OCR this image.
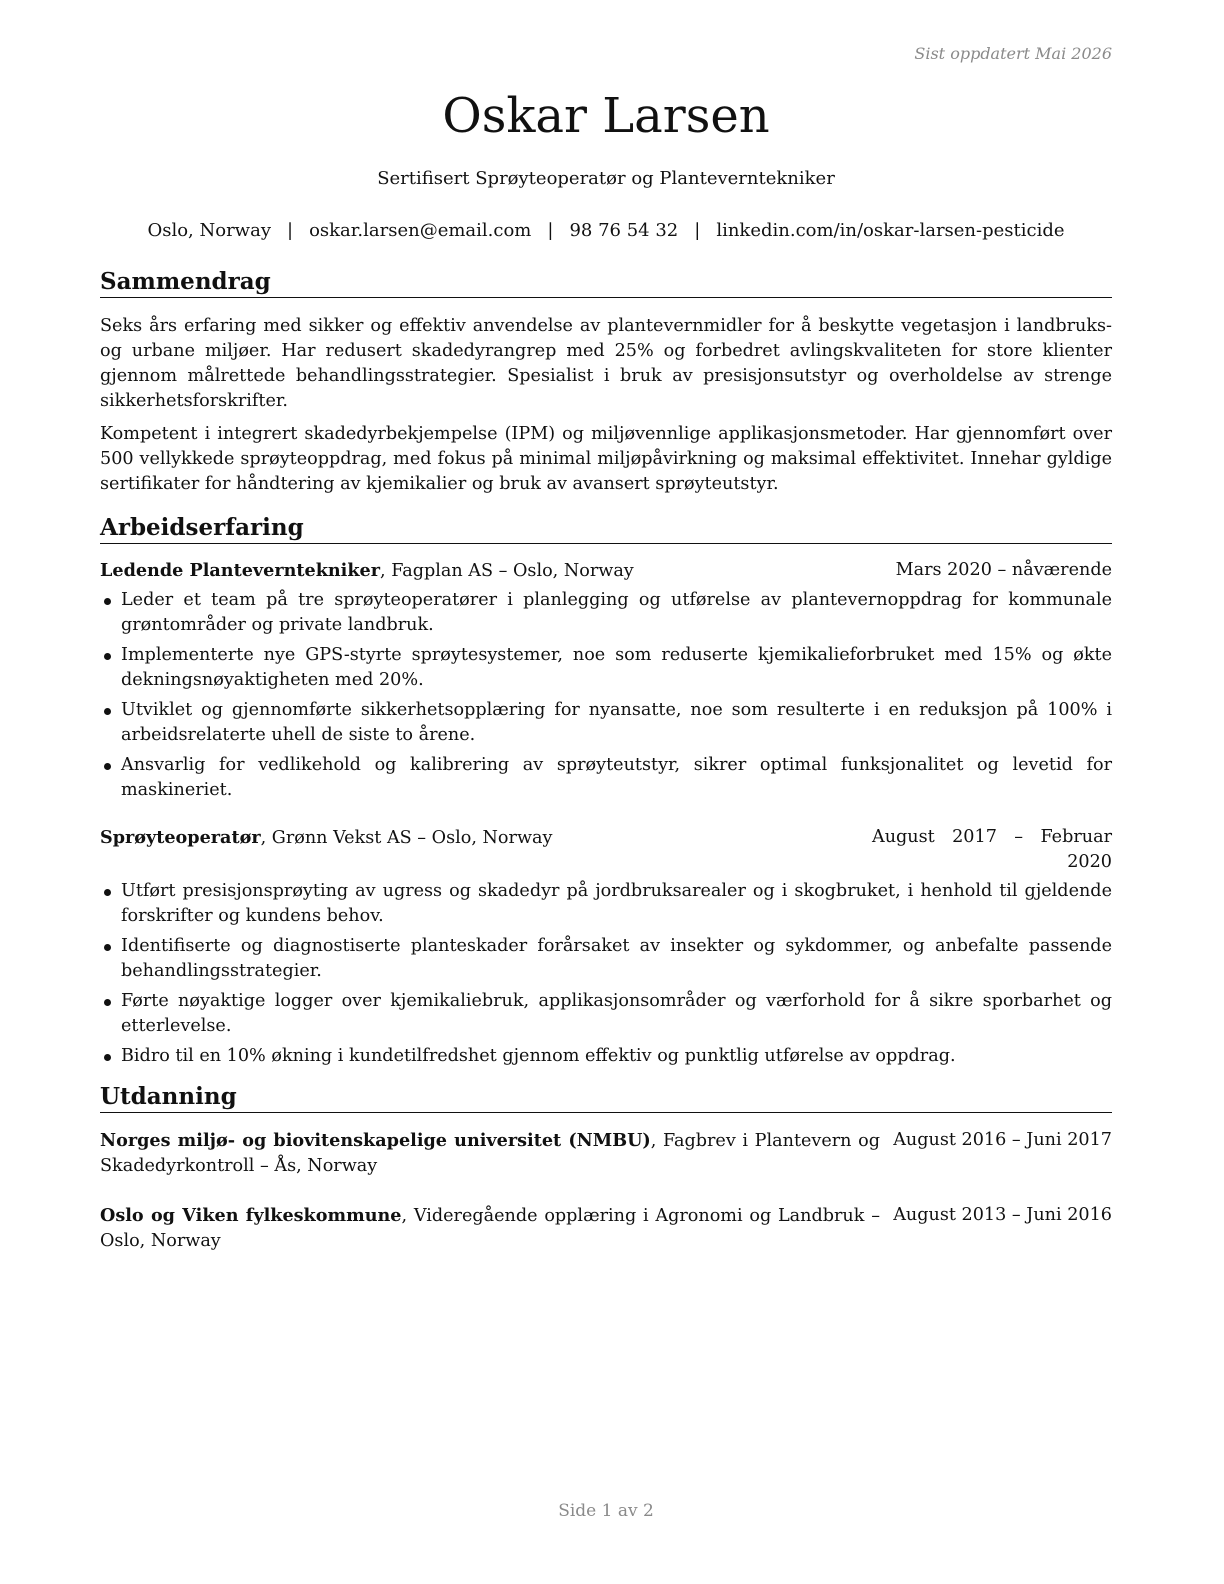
Sist oppdatert Mai 2026
Oskar Larsen
Sertifisert Sprøyteoperatør og Planteverntekniker
Oslo, Norway | oskar.larsen@email.com | 98 76 54 32 | linkedin.com/in/oskar-larsen-pesticide
Sammendrag

Seks års erfaring med sikker og effektiv anvendelse av plantevernmidler for å beskytte vegetasjon i landbruks- og urbane miljøer. Har redusert skadedyrangrep med 25% og forbedret avlingskvaliteten for store klienter gjennom målrettede behandlingsstrategier. Spesialist i bruk av presisjonsutstyr og overholdelse av strenge sikkerhetsforskrifter.

Kompetent i integrert skadedyrbekjempelse (IPM) og miljøvennlige applikasjonsmetoder. Har gjennomført over 500 vellykkede sprøyteoppdrag, med fokus på minimal miljøpåvirkning og maksimal effektivitet. Innehar gyldige sertifikater for håndtering av kjemikalier og bruk av avansert sprøyteutstyr.

Arbeidserfaring
Ledende Planteverntekniker, Fagplan AS – Oslo, Norway	Mars 2020 – nåværende
Leder et team på tre sprøyteoperatører i planlegging og utførelse av plantevernoppdrag for kommunale grøntområder og private landbruk.
Implementerte nye GPS-styrte sprøytesystemer, noe som reduserte kjemikalieforbruket med 15% og økte dekningsnøyaktigheten med 20%.
Utviklet og gjennomførte sikkerhetsopplæring for nyansatte, noe som resulterte i en reduksjon på 100% i arbeidsrelaterte uhell de siste to årene.
Ansvarlig for vedlikehold og kalibrering av sprøyteutstyr, sikrer optimal funksjonalitet og levetid for maskineriet.
Sprøyteoperatør, Grønn Vekst AS – Oslo, Norway	August 2017 – Februar 2020
Utført presisjonsprøyting av ugress og skadedyr på jordbruksarealer og i skogbruket, i henhold til gjeldende forskrifter og kundens behov.
Identifiserte og diagnostiserte planteskader forårsaket av insekter og sykdommer, og anbefalte passende behandlingsstrategier.
Førte nøyaktige logger over kjemikaliebruk, applikasjonsområder og værforhold for å sikre sporbarhet og etterlevelse.
Bidro til en 10% økning i kundetilfredshet gjennom effektiv og punktlig utførelse av oppdrag.
Utdanning
Norges miljø- og biovitenskapelige universitet (NMBU), Fagbrev i Plantevern og Skadedyrkontroll – Ås, Norway
August 2016 – Juni 2017
Oslo og Viken fylkeskommune, Videregående opplæring i Agronomi og Landbruk – Oslo, Norway
August 2013 – Juni 2016
Side 1 av 2
